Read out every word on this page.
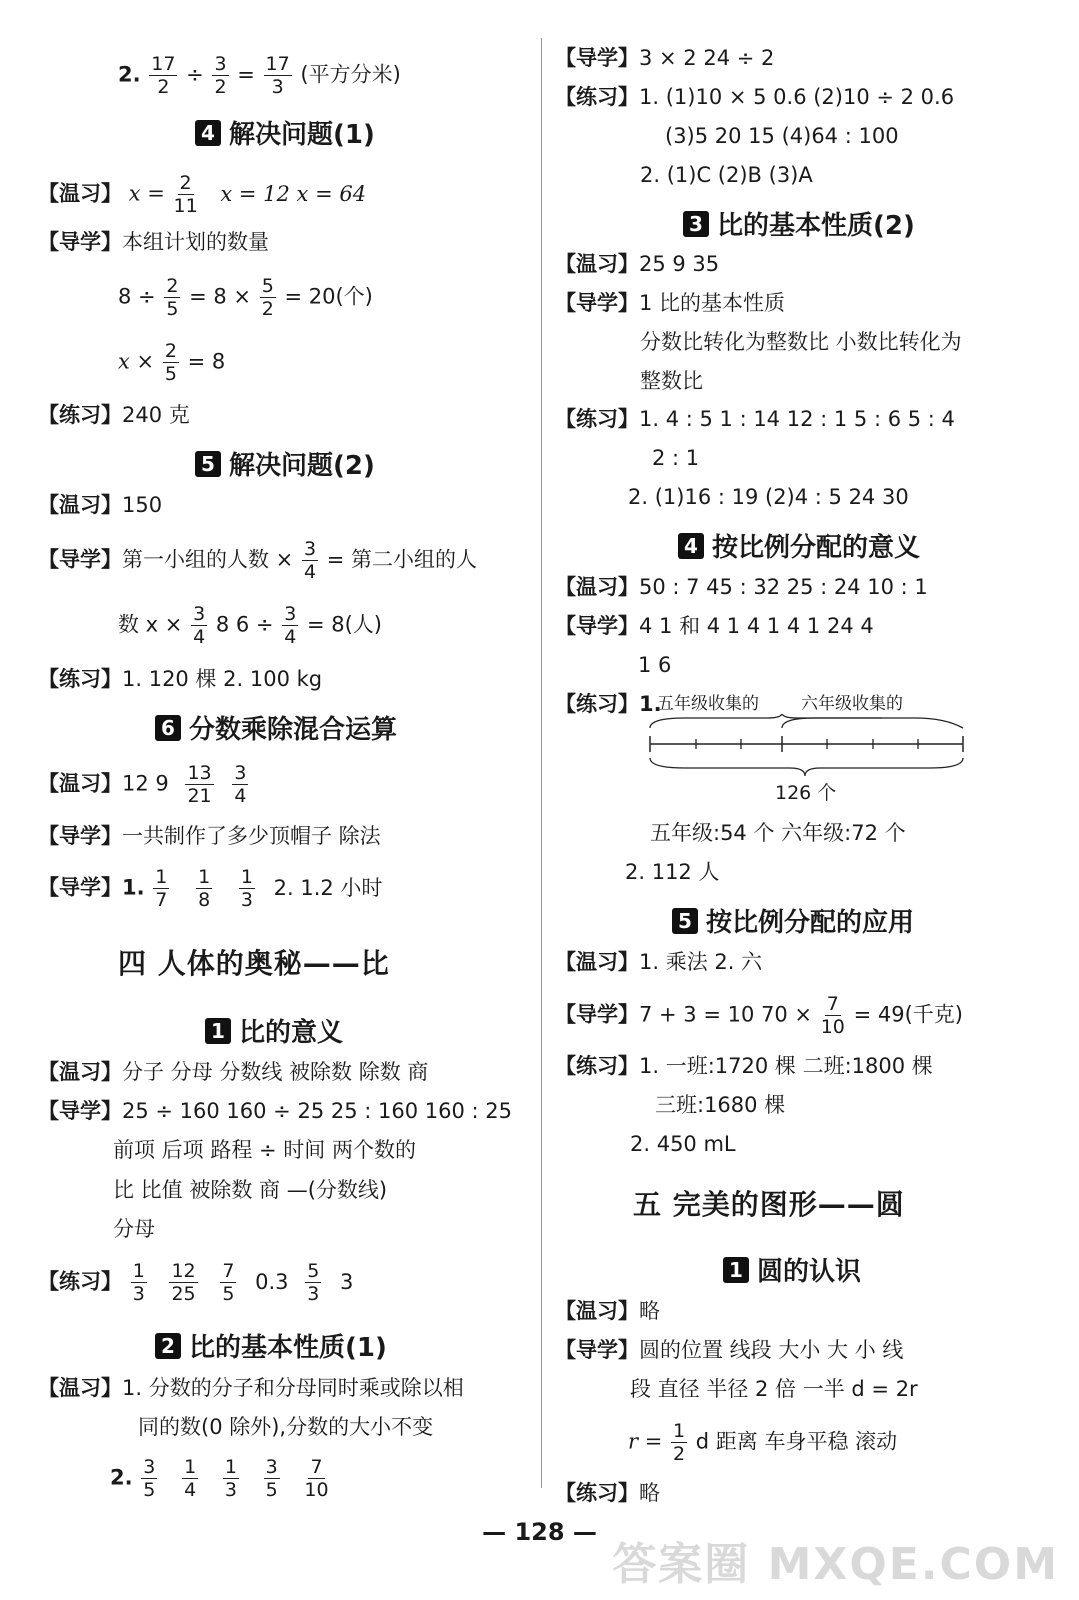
2. $\frac{17}{2} \div \frac{3}{2} = \frac{17}{3}$ (平方分米)
4 解决问题(1)
【温习】 $x = \frac{2}{11}$ x = 12 x = 64
【导学】本组计划的数量
$8 \div \frac{2}{5} = 8 \times \frac{5}{2} = 20$(个)
$x \times \frac{2}{5} = 8$
【练习】240 克
5 解决问题(2)
【温习】150
【导学】第一小组的人数 × $\frac{3}{4}$ = 第二小组的人
数 $x \times \frac{3}{4} 8$ $6 \div \frac{3}{4} = 8$(人)
【练习】1. 120 棵 2. 100 kg
6 分数乘除混合运算
【温习】12 $9 \frac{13}{21}$
$\frac{3}{4}$
【导学】一共制作了多少顶帽子 除法
【导学】1. $\frac{1}{7}$
$\frac{1}{8}$
$\frac{1}{3} 2$. 1.2 小时
四 人体的奥秘——比
1 比的意义
【温习】分子 分母 分数线 被除数 除数 商
【导学】25 ÷ 160 160 ÷ 25 25 : 160 160 : 25
前项 后项 路程 ÷ 时间 两个数的
比 比值 被除数 商 —(分数线)
分母
【练习】 $\frac{1}{3}$
$\frac{12}{25}$
$\frac{7}{5} 0.3 \frac{5}{3} 3$
2 比的基本性质(1)
【温习】1. 分数的分子和分母同时乘或除以相
同的数(0 除外),分数的大小不变
2. $\frac{3}{5}$
$\frac{1}{4}$
$\frac{1}{3}$
$\frac{3}{5}$
$\frac{7}{10}$
【导学】3 × 2 24 ÷ 2
【练习】1. (1)10 × 5 0.6 (2)10 ÷ 2 0.6
(3)5 20 15 (4)64 : 100
2. (1)C (2)B (3)A
3 比的基本性质(2)
【温习】25 9 35
【导学】1 比的基本性质
分数比转化为整数比 小数比转化为
整数比
【练习】1. 4 : 5 1 : 14 12 : 1 5 : 6 5 : 4
2 : 1
2. (1)16 : 19 (2)4 : 5 24 30
4 按比例分配的意义
【温习】50 : 7 45 : 32 25 : 24 10 : 1
【导学】4 1 和 4 1 4 1 4 1 24 4
1 6
【练习】1.
五年级收集的 六年级收集的
126 个
五年级:54 个 六年级:72 个
2. 112 人
5 按比例分配的应用
【温习】1. 乘法 2. 六
【导学】7 + 3 = 10 $70 \times \frac{7}{10} = 49$(千克)
【练习】1. 一班:1720 棵 二班:1800 棵
三班:1680 棵
2. 450 mL
五 完美的图形——圆
1 圆的认识
【温习】略
【导学】圆的位置 线段 大小 大 小 线
段 直径 半径 2 倍 一半 d = 2r
$r = \frac{1}{2}$ d 距离 车身平稳 滚动
【练习】略
— 128 —
答案圈 MXQE.COM
